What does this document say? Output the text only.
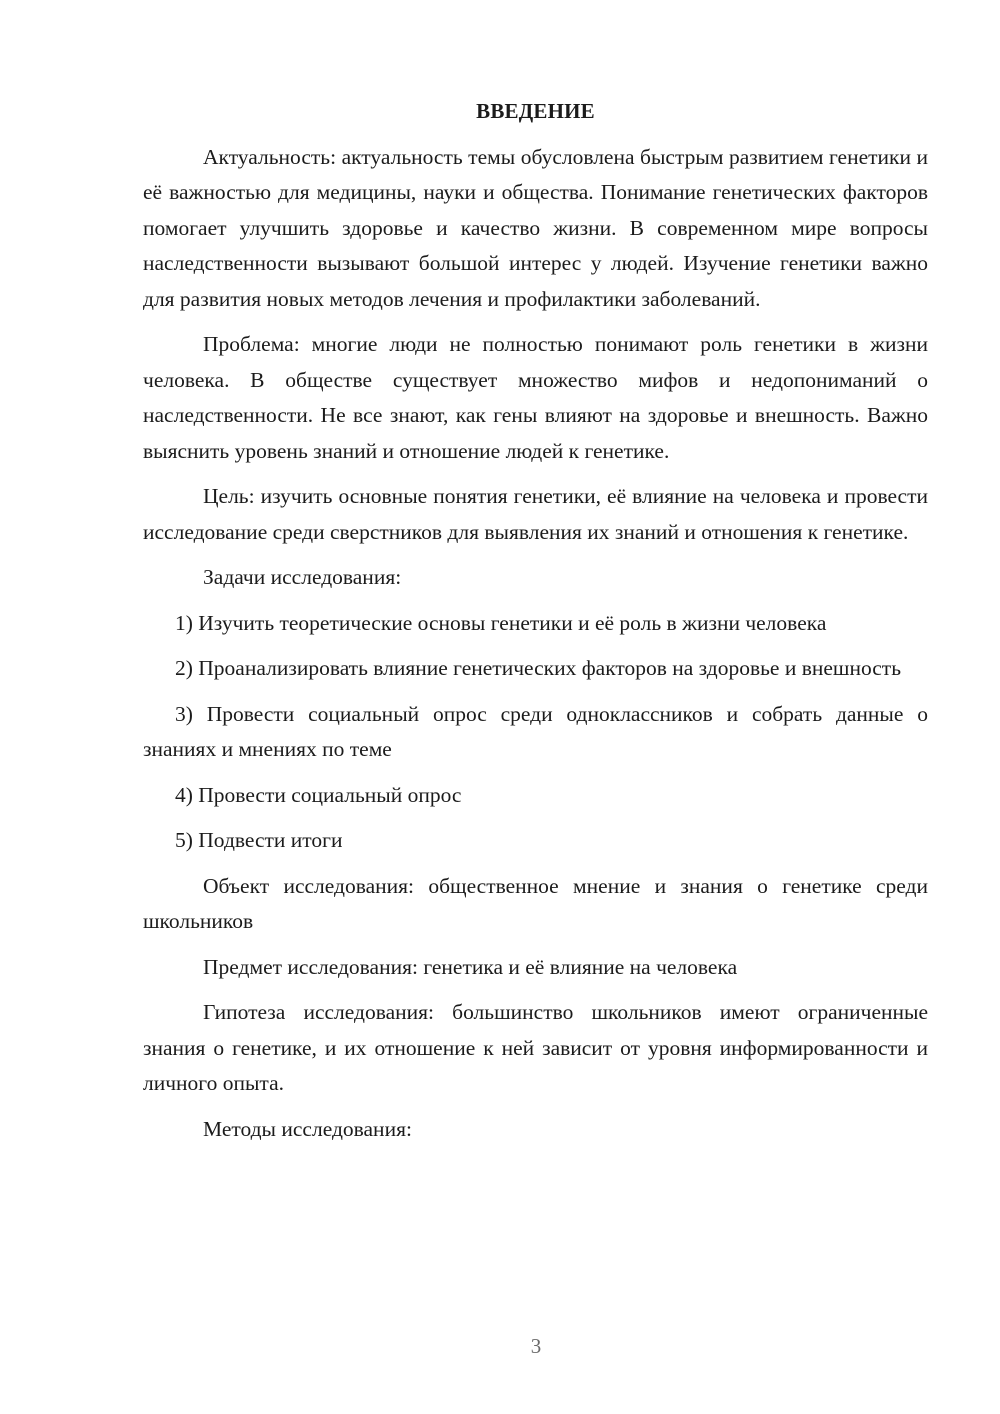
ВВЕДЕНИЕ

Актуальность: актуальность темы обусловлена быстрым развитием генетики и её важностью для медицины, науки и общества. Понимание генетических факторов помогает улучшить здоровье и качество жизни. В современном мире вопросы наследственности вызывают большой интерес у людей. Изучение генетики важно для развития новых методов лечения и профилактики заболеваний.

Проблема: многие люди не полностью понимают роль генетики в жизни человека. В обществе существует множество мифов и недопониманий о наследственности. Не все знают, как гены влияют на здоровье и внешность. Важно выяснить уровень знаний и отношение людей к генетике.

Цель: изучить основные понятия генетики, её влияние на человека и провести исследование среди сверстников для выявления их знаний и отношения к генетике.

Задачи исследования:

1) Изучить теоретические основы генетики и её роль в жизни человека

2) Проанализировать влияние генетических факторов на здоровье и внешность

3) Провести социальный опрос среди одноклассников и собрать данные о знаниях и мнениях по теме

4) Провести социальный опрос

5) Подвести итоги

Объект исследования: общественное мнение и знания о генетике среди школьников

Предмет исследования: генетика и её влияние на человека

Гипотеза исследования: большинство школьников имеют ограниченные знания о генетике, и их отношение к ней зависит от уровня информированности и личного опыта.

Методы исследования:

3
